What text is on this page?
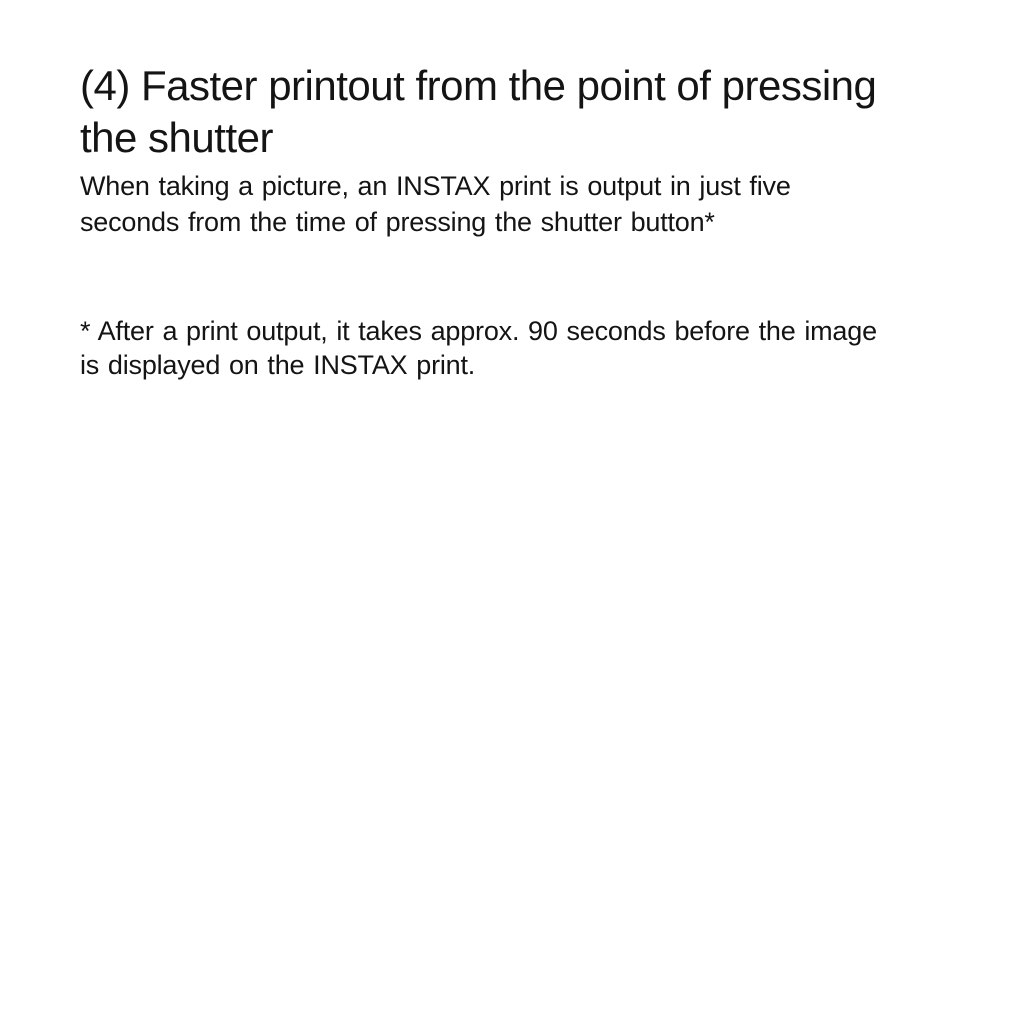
(4) Faster printout from the point of pressing
the shutter

When taking a picture, an INSTAX print is output in just five
seconds from the time of pressing the shutter button*

* After a print output, it takes approx. 90 seconds before the image
is displayed on the INSTAX print.
